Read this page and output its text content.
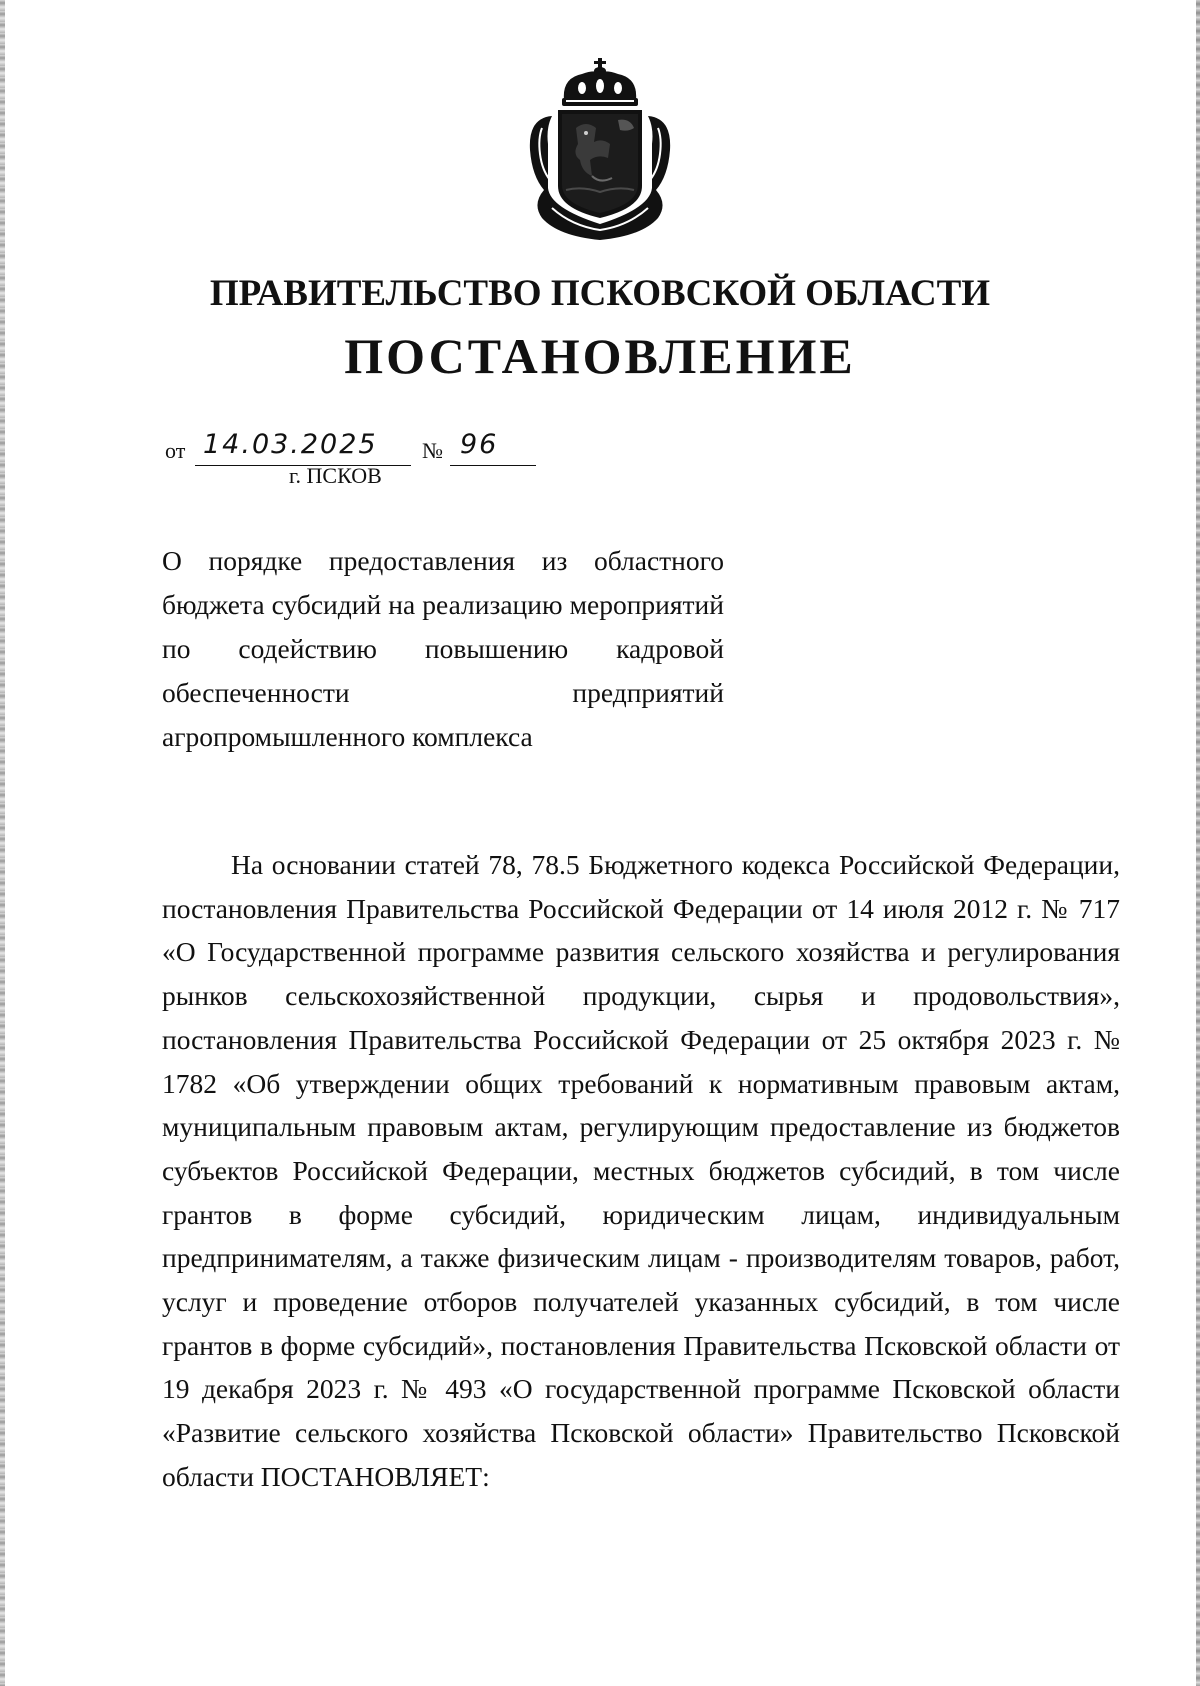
ПРАВИТЕЛЬСТВО ПСКОВСКОЙ ОБЛАСТИ
ПОСТАНОВЛЕНИЕ
от 14.03.2025 № 96
г. ПСКОВ
О порядке предоставления из областного бюджета субсидий на реализацию мероприятий по содействию повышению кадровой обеспеченности предприятий агропромышленного комплекса

На основании статей 78, 78.5 Бюджетного кодекса Российской Федерации, постановления Правительства Российской Федерации от 14 июля 2012 г. № 717 «О Государственной программе развития сельского хозяйства и регулирования рынков сельскохозяйственной продукции, сырья и продовольствия», постановления Правительства Российской Федерации от 25 октября 2023 г. № 1782 «Об утверждении общих требований к нормативным правовым актам, муниципальным правовым актам, регулирующим предоставление из бюджетов субъектов Российской Федерации, местных бюджетов субсидий, в том числе грантов в форме субсидий, юридическим лицам, индивидуальным предпринимателям, а также физическим лицам - производителям товаров, работ, услуг и проведение отборов получателей указанных субсидий, в том числе грантов в форме субсидий», постановления Правительства Псковской области от 19 декабря 2023 г. № 493 «О государственной программе Псковской области «Развитие сельского хозяйства Псковской области» Правительство Псковской области ПОСТАНОВЛЯЕТ:
